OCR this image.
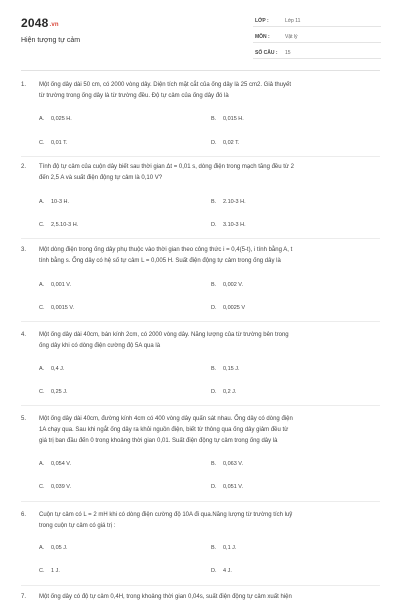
2048.vn
Hiện tượng tự cảm
LỚP :	Lớp 11
MÔN :	Vật lý
SỐ CÂU : 15
1. Một ống dây dài 50 cm, có 2000 vòng dây. Diện tích mặt cắt của ống dây là 25 cm2. Giả thuyết
từ trường trong ống dây là từ trường đều. Độ tự cảm của ống dây đó là
A. 0,025 H.	B. 0,015 H.
C. 0,01 T.	D. 0,02 T.
2. Tính độ tự cảm của cuộn dây biết sau thời gian Δt = 0,01 s, dòng điện trong mạch tăng đều từ 2
đến 2,5 A và suất điện động tự cảm là 0,10 V?
A. 10-3 H.	B. 2.10-3 H.
C. 2,5.10-3 H.	D. 3.10-3 H.
3. Một dòng điện trong ống dây phụ thuộc vào thời gian theo công thức i = 0,4(5-t), i tính bằng A, t
tính bằng s. Ống dây có hệ số tự cảm L = 0,005 H. Suất điện động tự cảm trong ống dây là
A. 0,001 V.	B. 0,002 V.
C. 0,0015 V.	D. 0,0025 V
4. Một ống dây dài 40cm, bán kính 2cm, có 2000 vòng dây. Năng lượng của từ trường bên trong
ống dây khi có dòng điện cường độ 5A qua là
A. 0,4 J.	B. 0,15 J.
C. 0,25 J.	D. 0,2 J.
5. Một ống dây dài 40cm, đường kính 4cm có 400 vòng dây quấn sát nhau. Ống dây có dòng điện
1A chạy qua. Sau khi ngắt ống dây ra khỏi nguồn điện, biết từ thông qua ống dây giảm đều từ
giá trị ban đầu đến 0 trong khoảng thời gian 0,01. Suất điện động tự cảm trong ống dây là
A. 0,054 V.	B. 0,063 V.
C. 0,039 V.	D. 0,051 V.
6. Cuộn tự cảm có L = 2 mH khi có dòng điện cường độ 10A đi qua.Năng lượng từ trường tích luỹ
trong cuộn tự cảm có giá trị :
A. 0,05 J.	B. 0,1 J.
C. 1 J.	D. 4 J.
7. Một ống dây có độ tự cảm 0,4H, trong khoảng thời gian 0,04s, suất điện động tự cảm xuất hiện
